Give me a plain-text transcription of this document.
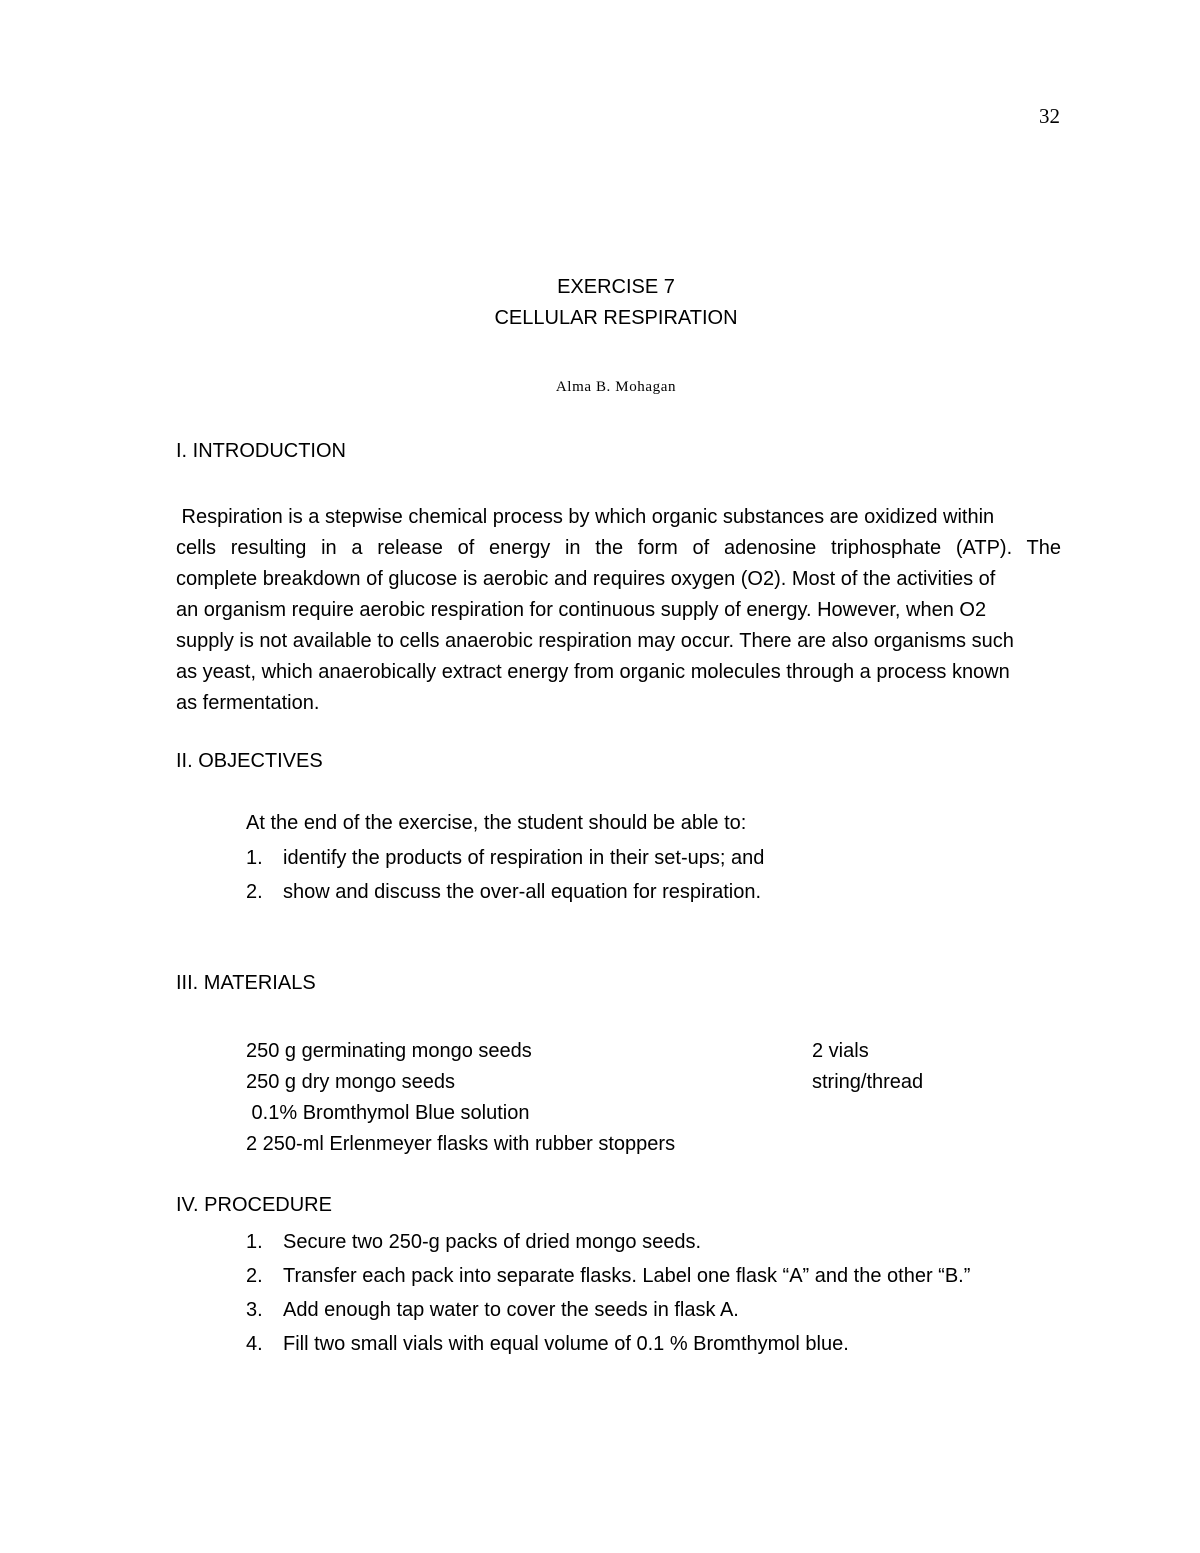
32
EXERCISE 7
CELLULAR RESPIRATION
Alma B. Mohagan
I. INTRODUCTION
Respiration is a stepwise chemical process by which organic substances are oxidized within
cells resulting in a release of energy in the form of adenosine triphosphate (ATP). The
complete breakdown of glucose is aerobic and requires oxygen (O2). Most of the activities of
an organism require aerobic respiration for continuous supply of energy. However, when O2
supply is not available to cells anaerobic respiration may occur. There are also organisms such
as yeast, which anaerobically extract energy from organic molecules through a process known
as fermentation.
II. OBJECTIVES
At the end of the exercise, the student should be able to:
1.	identify the products of respiration in their set-ups; and
2.	show and discuss the over-all equation for respiration.
III. MATERIALS
250 g germinating mongo seeds	2 vials
250 g dry mongo seeds	string/thread
0.1% Bromthymol Blue solution
2 250-ml Erlenmeyer flasks with rubber stoppers
IV. PROCEDURE
1.	Secure two 250-g packs of dried mongo seeds.
2.	Transfer each pack into separate flasks. Label one flask “A” and the other “B.”
3.	Add enough tap water to cover the seeds in flask A.
4.	Fill two small vials with equal volume of 0.1 % Bromthymol blue.
